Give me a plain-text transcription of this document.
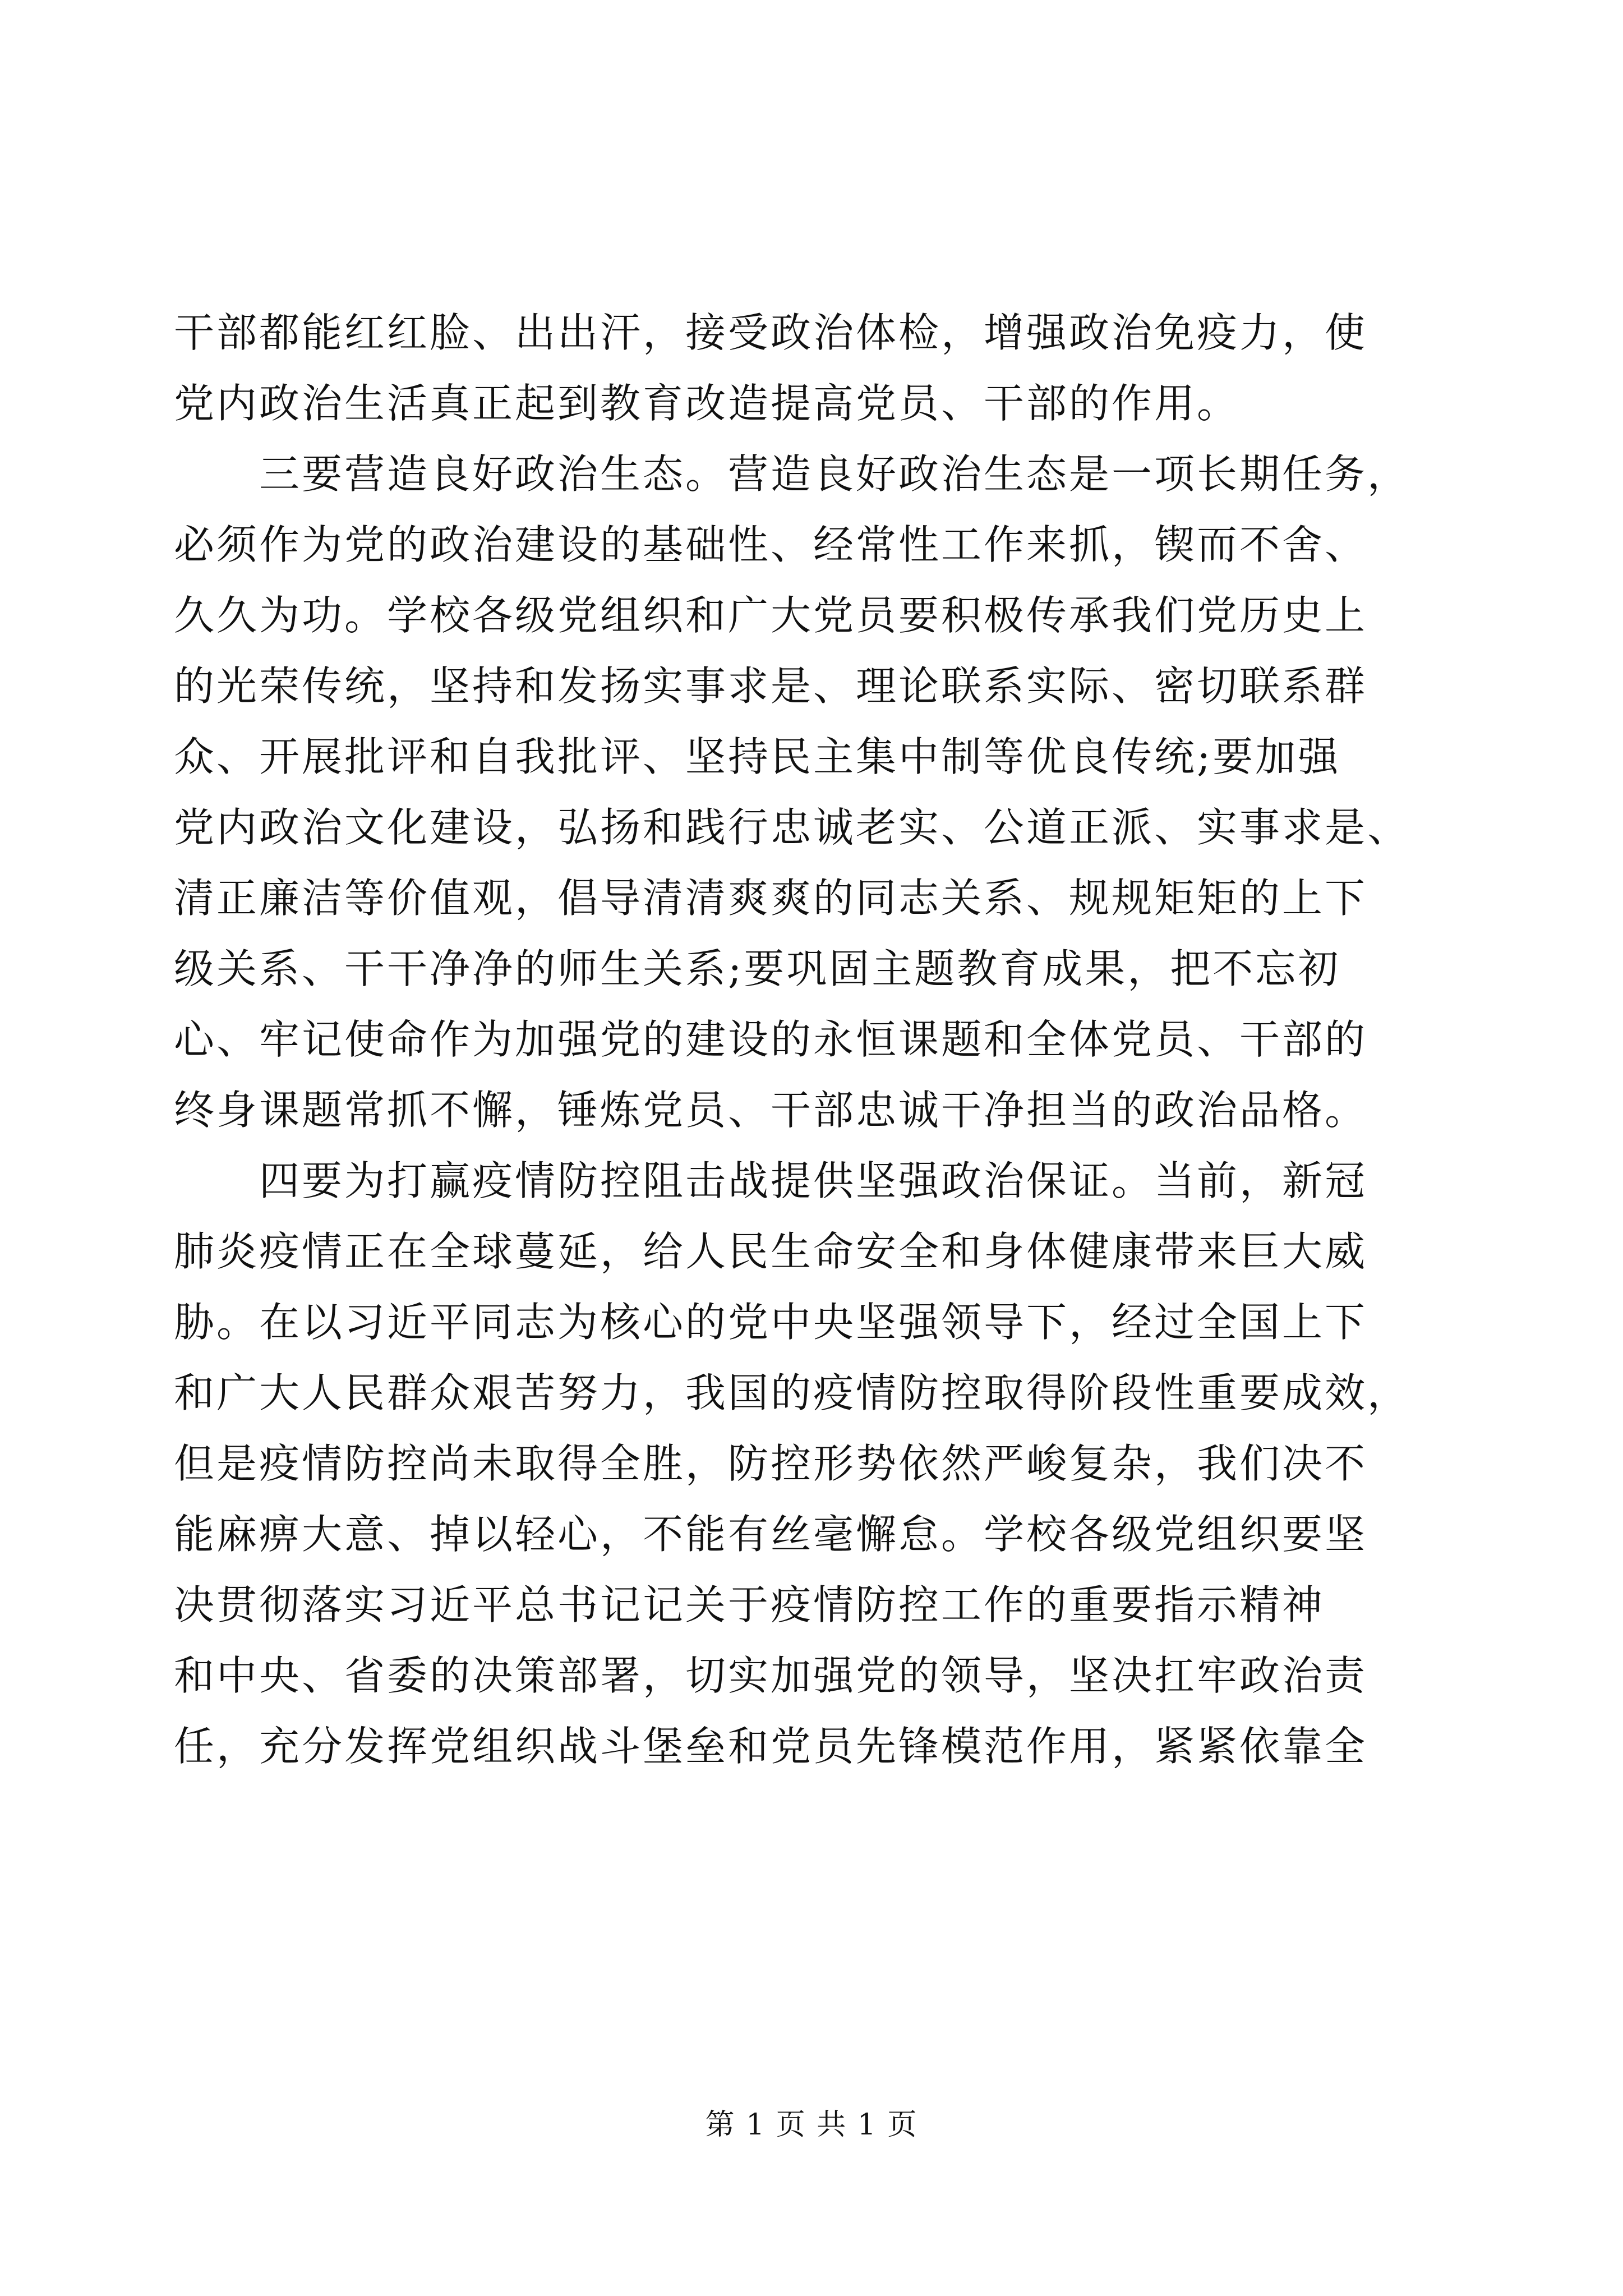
干部都能红红脸、出出汗，接受政治体检，增强政治免疫力，使
党内政治生活真正起到教育改造提高党员、干部的作用。
三要营造良好政治生态。营造良好政治生态是一项长期任务，
必须作为党的政治建设的基础性、经常性工作来抓，锲而不舍、
久久为功。学校各级党组织和广大党员要积极传承我们党历史上
的光荣传统，坚持和发扬实事求是、理论联系实际、密切联系群
众、开展批评和自我批评、坚持民主集中制等优良传统;要加强
党内政治文化建设，弘扬和践行忠诚老实、公道正派、实事求是、
清正廉洁等价值观，倡导清清爽爽的同志关系、规规矩矩的上下
级关系、干干净净的师生关系;要巩固主题教育成果，把不忘初
心、牢记使命作为加强党的建设的永恒课题和全体党员、干部的
终身课题常抓不懈，锤炼党员、干部忠诚干净担当的政治品格。
四要为打赢疫情防控阻击战提供坚强政治保证。当前，新冠
肺炎疫情正在全球蔓延，给人民生命安全和身体健康带来巨大威
胁。在以习近平同志为核心的党中央坚强领导下，经过全国上下
和广大人民群众艰苦努力，我国的疫情防控取得阶段性重要成效，
但是疫情防控尚未取得全胜，防控形势依然严峻复杂，我们决不
能麻痹大意、掉以轻心，不能有丝毫懈怠。学校各级党组织要坚
决贯彻落实习近平总书记记关于疫情防控工作的重要指示精神
和中央、省委的决策部署，切实加强党的领导，坚决扛牢政治责
任，充分发挥党组织战斗堡垒和党员先锋模范作用，紧紧依靠全
第 1 页 共 1 页
